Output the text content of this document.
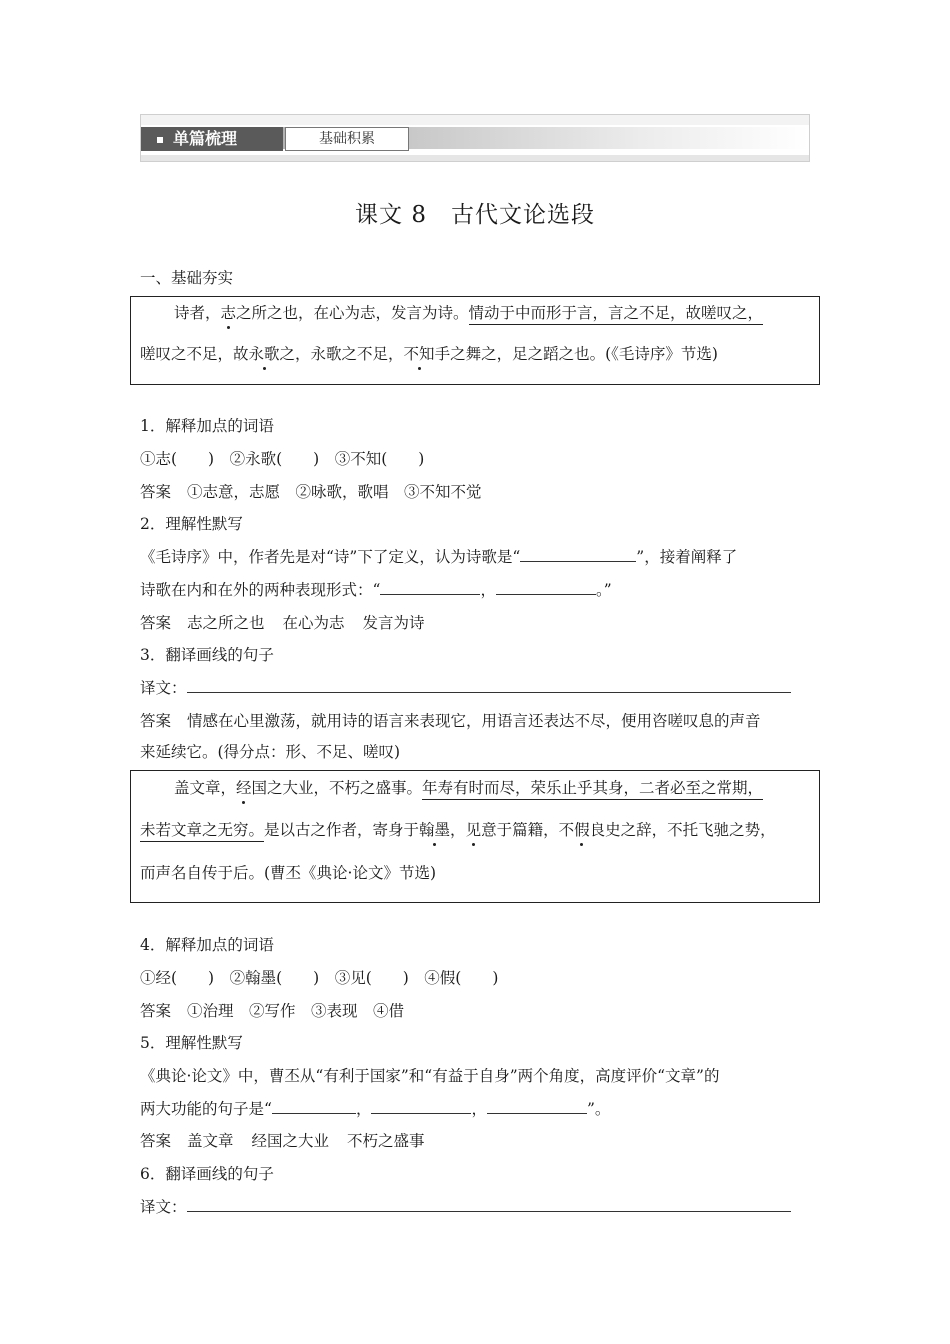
单篇梳理	基础积累
课文 8　古代文论选段
一、基础夯实
诗者，志之所之也，在心为志，发言为诗。情动于中而形于言，言之不足，故嗟叹之，
嗟叹之不足，故永歌之，永歌之不足，不知手之舞之，足之蹈之也。(《毛诗序》节选)
1．解释加点的词语
①志(　　)　②永歌(　　)　③不知(　　)
答案 ①志意，志愿　②咏歌，歌唱　③不知不觉
2．理解性默写
《毛诗序》中，作者先是对“诗”下了定义，认为诗歌是“	”，接着阐释了
诗歌在内和在外的两种表现形式：“	，	。”
答案 志之所之也 在心为志 发言为诗
3．翻译画线的句子
译文：
答案 情感在心里激荡，就用诗的语言来表现它，用语言还表达不尽，便用咨嗟叹息的声音
来延续它。(得分点：形、不足、嗟叹)
盖文章，经国之大业，不朽之盛事。年寿有时而尽，荣乐止乎其身，二者必至之常期，
未若文章之无穷。是以古之作者，寄身于翰墨，见意于篇籍，不假良史之辞，不托飞驰之势，
而声名自传于后。(曹丕《典论·论文》节选)
4．解释加点的词语
①经(　　)　②翰墨(　　)　③见(　　)　④假(　　)
答案 ①治理　②写作　③表现　④借
5．理解性默写
《典论·论文》中，曹丕从“有利于国家”和“有益于自身”两个角度，高度评价“文章”的
两大功能的句子是“	，	，	”。
答案 盖文章 经国之大业 不朽之盛事
6．翻译画线的句子
译文：
